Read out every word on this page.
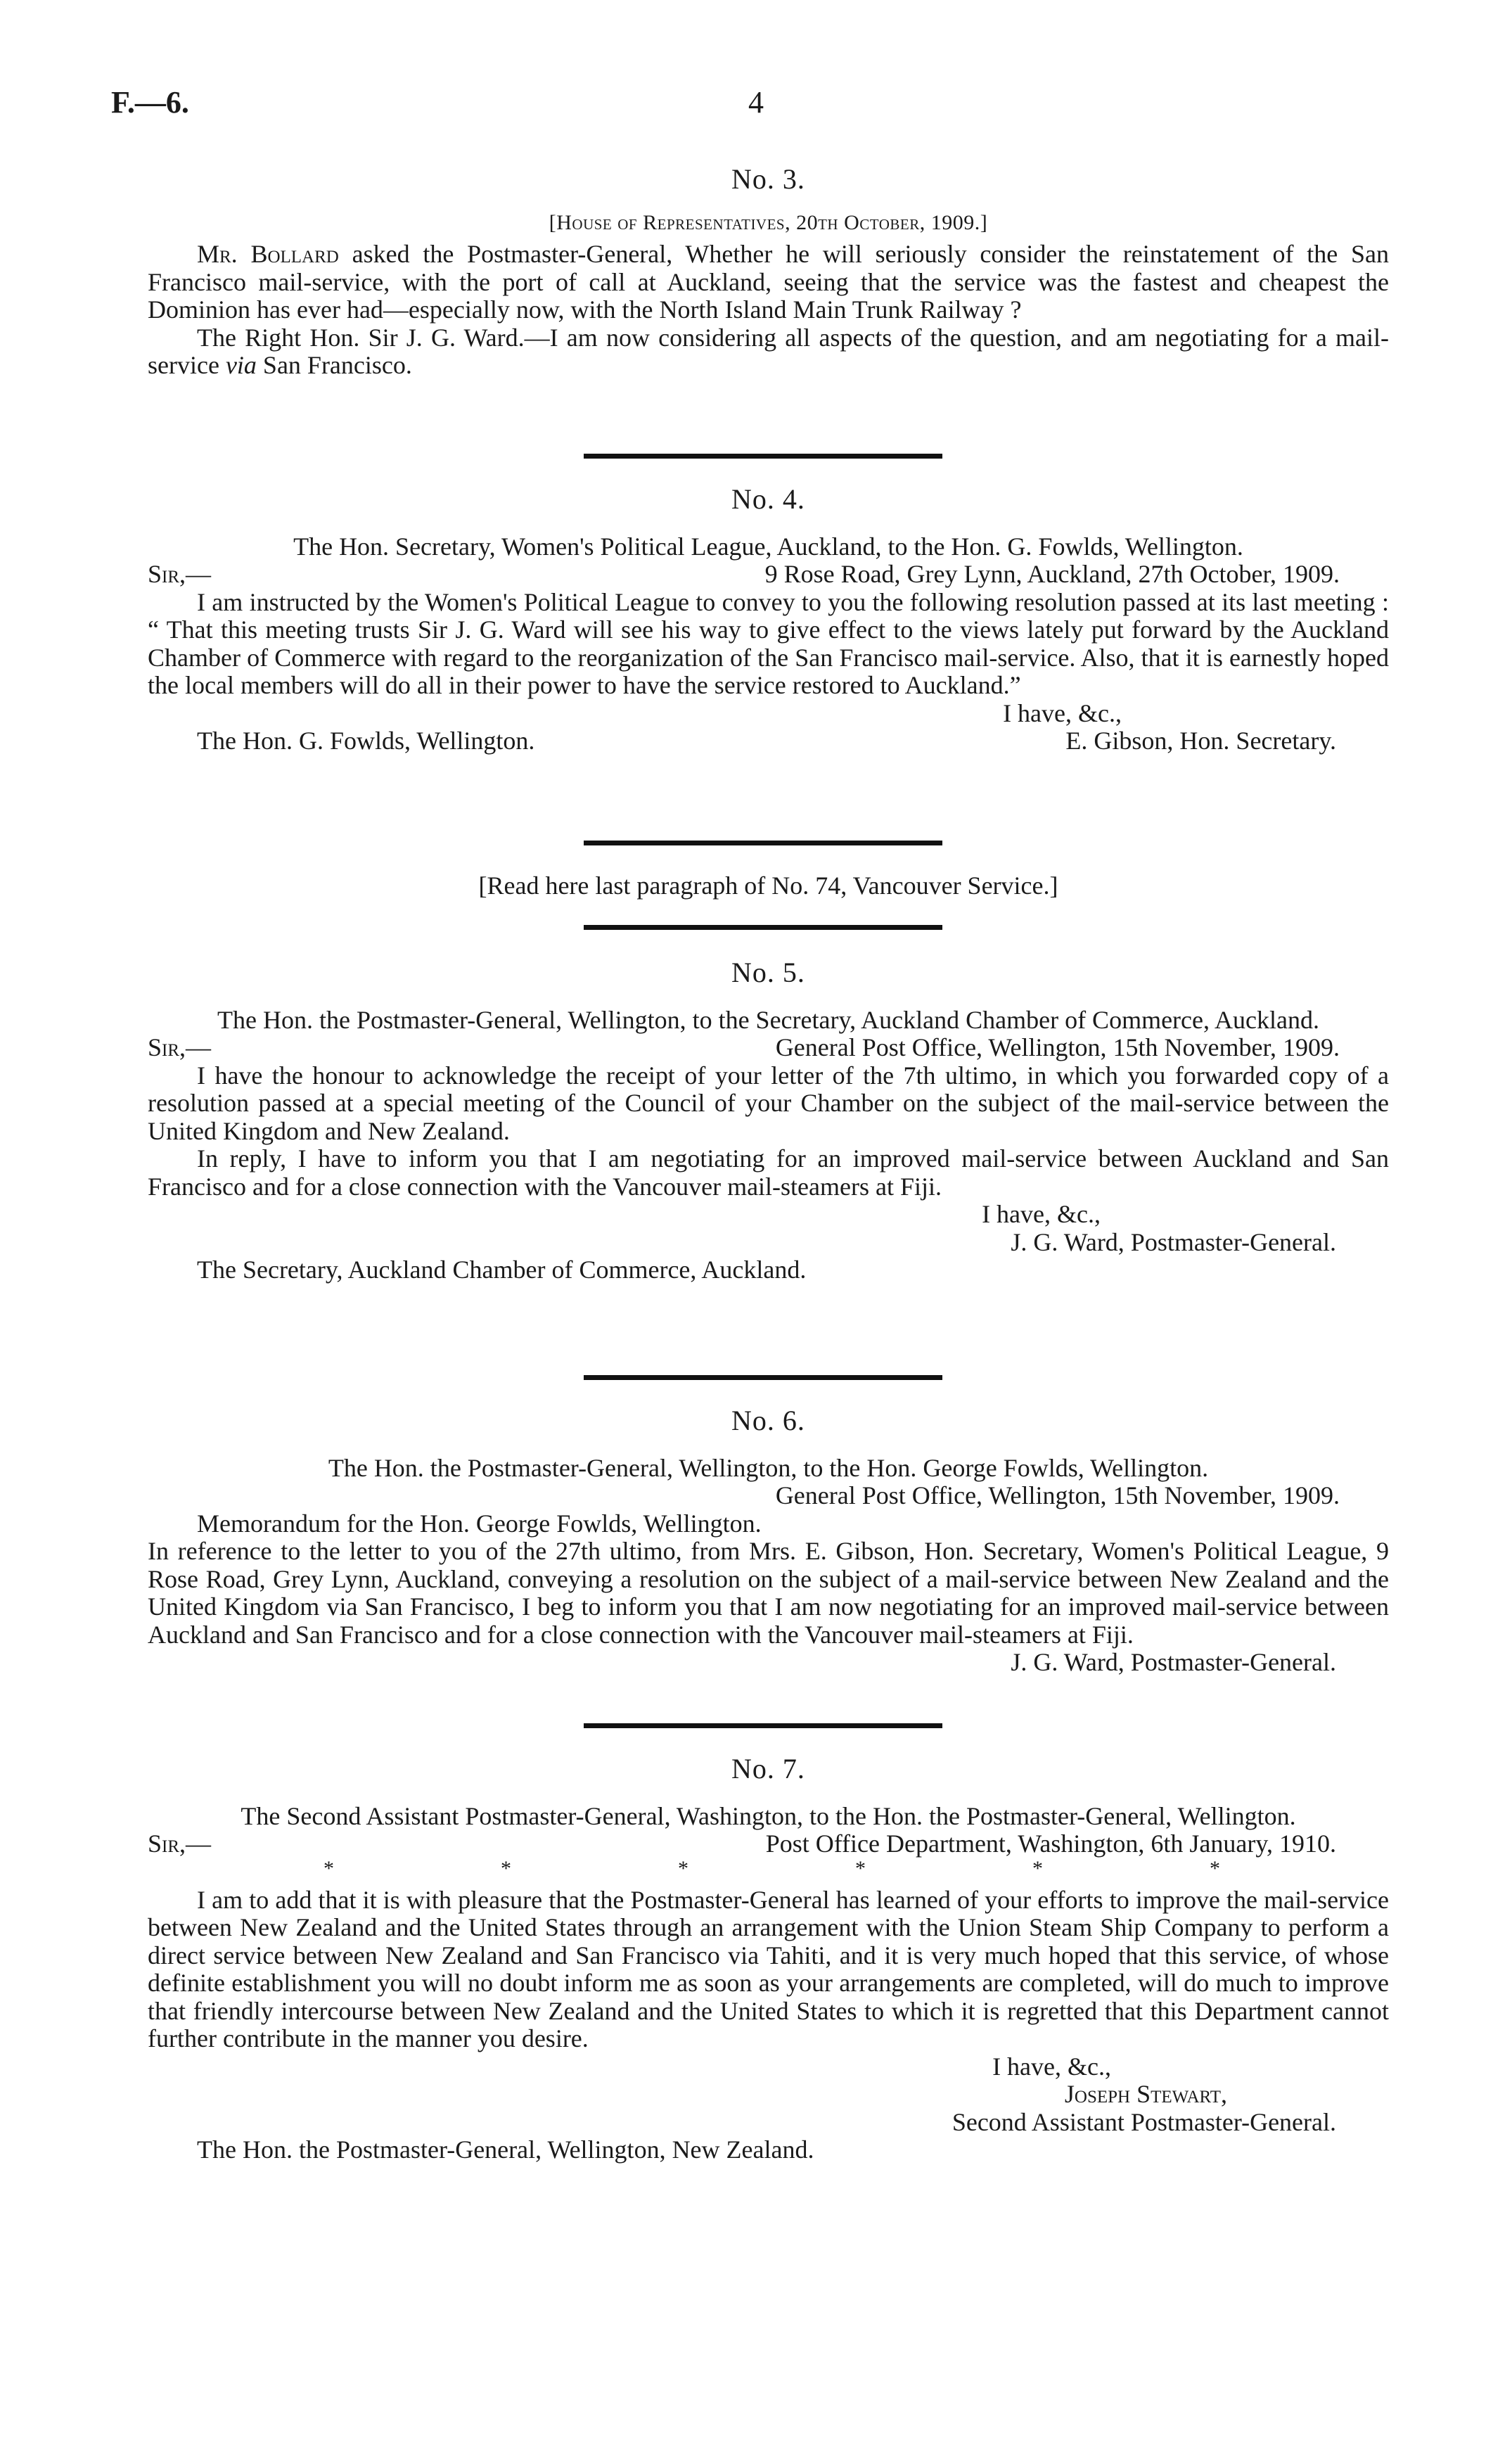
F.—6.	4
No. 3.
[House of Representatives, 20th October, 1909.]
Mr. Bollard asked the Postmaster-General, Whether he will seriously consider the reinstatement of the San Francisco mail-service, with the port of call at Auckland, seeing that the service was the fastest and cheapest the Dominion has ever had—especially now, with the North Island Main Trunk Railway ?
The Right Hon. Sir J. G. Ward.—I am now considering all aspects of the question, and am negotiating for a mail-service via San Francisco.
No. 4.
The Hon. Secretary, Women's Political League, Auckland, to the Hon. G. Fowlds, Wellington.
Sir,—	9 Rose Road, Grey Lynn, Auckland, 27th October, 1909.
I am instructed by the Women's Political League to convey to you the following resolution passed at its last meeting : “ That this meeting trusts Sir J. G. Ward will see his way to give effect to the views lately put forward by the Auckland Chamber of Commerce with regard to the reorganization of the San Francisco mail-service. Also, that it is earnestly hoped the local members will do all in their power to have the service restored to Auckland.”
I have, &c.,
The Hon. G. Fowlds, Wellington.	E. Gibson, Hon. Secretary.
[Read here last paragraph of No. 74, Vancouver Service.]
No. 5.
The Hon. the Postmaster-General, Wellington, to the Secretary, Auckland Chamber of Commerce, Auckland.
Sir,—	General Post Office, Wellington, 15th November, 1909.
I have the honour to acknowledge the receipt of your letter of the 7th ultimo, in which you forwarded copy of a resolution passed at a special meeting of the Council of your Chamber on the subject of the mail-service between the United Kingdom and New Zealand.
In reply, I have to inform you that I am negotiating for an improved mail-service between Auckland and San Francisco and for a close connection with the Vancouver mail-steamers at Fiji.
I have, &c.,
J. G. Ward, Postmaster-General.
The Secretary, Auckland Chamber of Commerce, Auckland.
No. 6.
The Hon. the Postmaster-General, Wellington, to the Hon. George Fowlds, Wellington.
General Post Office, Wellington, 15th November, 1909.
Memorandum for the Hon. George Fowlds, Wellington.
In reference to the letter to you of the 27th ultimo, from Mrs. E. Gibson, Hon. Secretary, Women's Political League, 9 Rose Road, Grey Lynn, Auckland, conveying a resolution on the subject of a mail-service between New Zealand and the United Kingdom via San Francisco, I beg to inform you that I am now negotiating for an improved mail-service between Auckland and San Francisco and for a close connection with the Vancouver mail-steamers at Fiji.
J. G. Ward, Postmaster-General.
No. 7.
The Second Assistant Postmaster-General, Washington, to the Hon. the Postmaster-General, Wellington.
Sir,—	Post Office Department, Washington, 6th January, 1910.
*	*	*	*	*	*
I am to add that it is with pleasure that the Postmaster-General has learned of your efforts to improve the mail-service between New Zealand and the United States through an arrangement with the Union Steam Ship Company to perform a direct service between New Zealand and San Francisco via Tahiti, and it is very much hoped that this service, of whose definite establishment you will no doubt inform me as soon as your arrangements are completed, will do much to improve that friendly intercourse between New Zealand and the United States to which it is regretted that this Department cannot further contribute in the manner you desire.
I have, &c.,
Joseph Stewart,
Second Assistant Postmaster-General.
The Hon. the Postmaster-General, Wellington, New Zealand.
